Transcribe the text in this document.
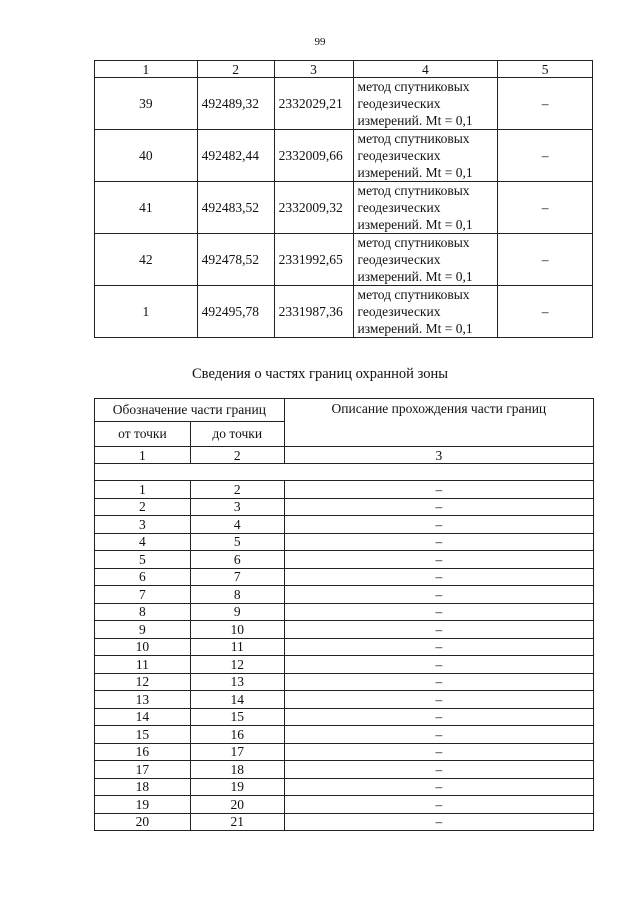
99
1	2	3	4	5
39	492489,32	2332029,21	метод спутниковых геодезических измерений. Mt = 0,1	–
40	492482,44	2332009,66	метод спутниковых геодезических измерений. Mt = 0,1	–
41	492483,52	2332009,32	метод спутниковых геодезических измерений. Mt = 0,1	–
42	492478,52	2331992,65	метод спутниковых геодезических измерений. Mt = 0,1	–
1	492495,78	2331987,36	метод спутниковых геодезических измерений. Mt = 0,1	–
Сведения о частях границ охранной зоны
Обозначение части границ		Описание прохождения части границ
от точки	до точки	
1	2	3

1	2	–
2	3	–
3	4	–
4	5	–
5	6	–
6	7	–
7	8	–
8	9	–
9	10	–
10	11	–
11	12	–
12	13	–
13	14	–
14	15	–
15	16	–
16	17	–
17	18	–
18	19	–
19	20	–
20	21	–
